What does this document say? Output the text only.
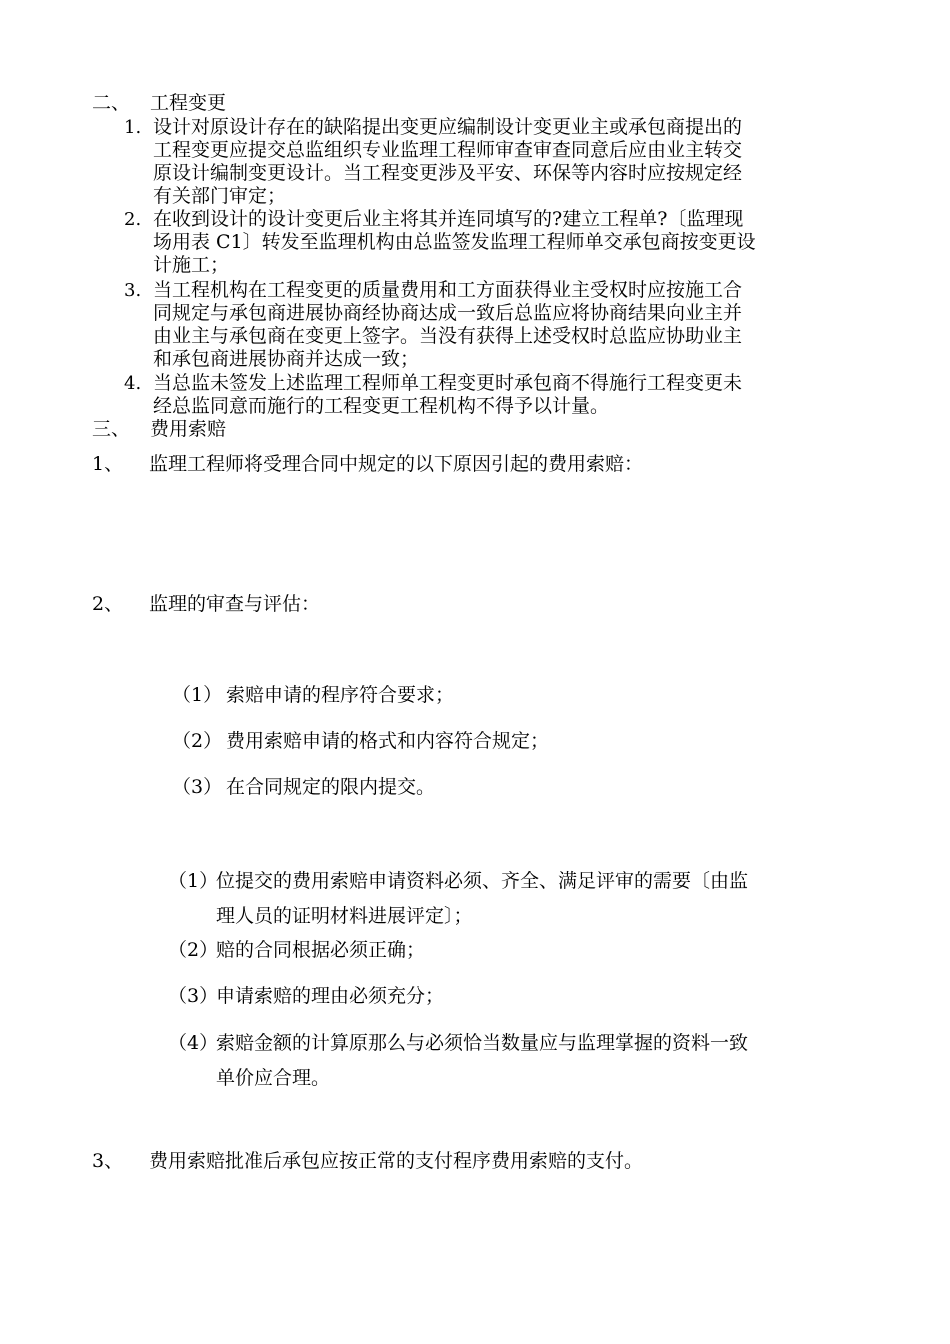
二、 工程变更
1. 设计对原设计存在的缺陷提出变更应编制设计变更业主或承包商提出的
工程变更应提交总监组织专业监理工程师审查审查同意后应由业主转交
原设计编制变更设计。当工程变更涉及平安、环保等内容时应按规定经
有关部门审定；
2. 在收到设计的设计变更后业主将其并连同填写的?建立工程单?〔监理现
场用表 C1〕转发至监理机构由总监签发监理工程师单交承包商按变更设
计施工；
3. 当工程机构在工程变更的质量费用和工方面获得业主受权时应按施工合
同规定与承包商进展协商经协商达成一致后总监应将协商结果向业主并
由业主与承包商在变更上签字。当没有获得上述受权时总监应协助业主
和承包商进展协商并达成一致；
4. 当总监未签发上述监理工程师单工程变更时承包商不得施行工程变更未
经总监同意而施行的工程变更工程机构不得予以计量。
三、 费用索赔
1、 监理工程师将受理合同中规定的以下原因引起的费用索赔：
2、 监理的审查与评估：
（1） 索赔申请的程序符合要求；
（2） 费用索赔申请的格式和内容符合规定；
（3） 在合同规定的限内提交。
（1）
位提交的费用索赔申请资料必须、齐全、满足评审的需要〔由监
理人员的证明材料进展评定〕；
（2）
赔的合同根据必须正确；
（3）
申请索赔的理由必须充分；
（4）
索赔金额的计算原那么与必须恰当数量应与监理掌握的资料一致
单价应合理。
3、 费用索赔批准后承包应按正常的支付程序费用索赔的支付。
